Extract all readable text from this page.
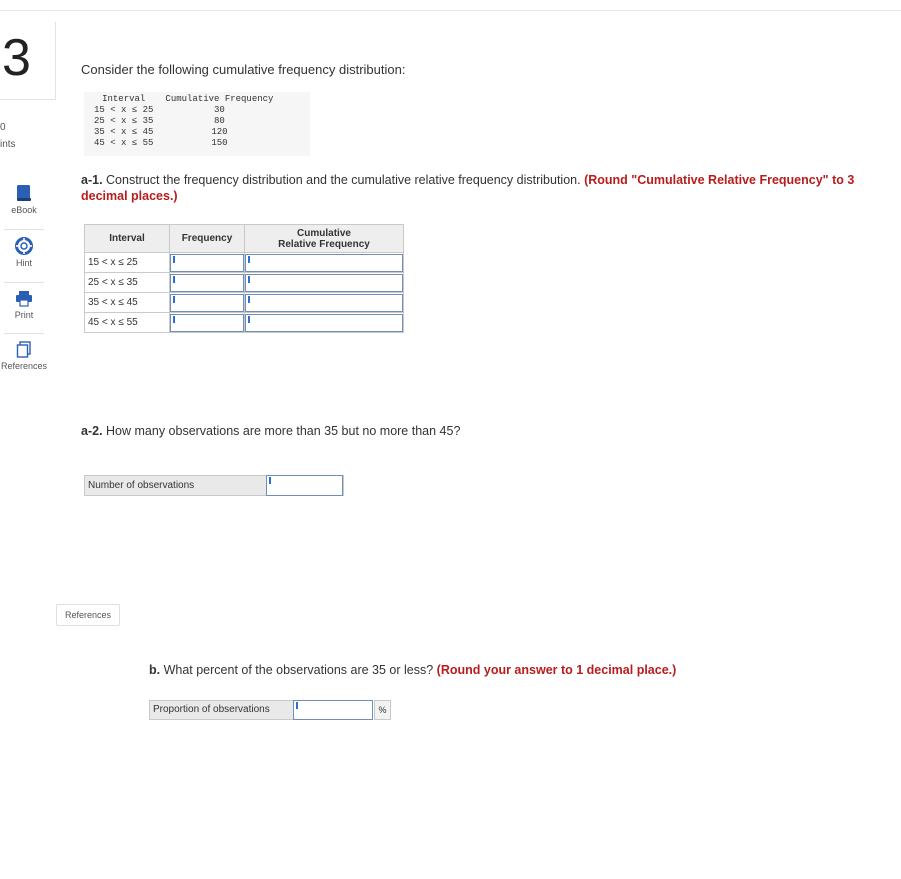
3
0
ints
eBook
Hint
Print
References
Consider the following cumulative frequency distribution:
Interval	Cumulative Frequency
15 < x ≤ 25	30
25 < x ≤ 35	80
35 < x ≤ 45	120
45 < x ≤ 55	150
a-1. Construct the frequency distribution and the cumulative relative frequency distribution. (Round "Cumulative Relative Frequency" to 3 decimal places.)
Interval	Frequency	Cumulative
Relative Frequency
15 < x ≤ 25	

25 < x ≤ 35	

35 < x ≤ 45	

45 < x ≤ 55	

a-2. How many observations are more than 35 but no more than 45?
Number of observations
References
b. What percent of the observations are 35 or less? (Round your answer to 1 decimal place.)
Proportion of observations	%
